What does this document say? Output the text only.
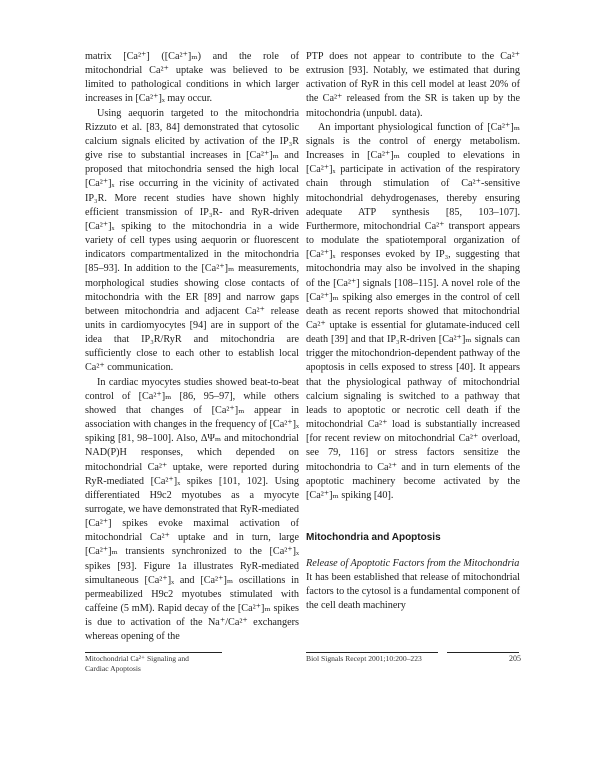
matrix [Ca²⁺] ([Ca²⁺]ₘ) and the role of mitochondrial Ca²⁺ uptake was believed to be limited to pathological conditions in which larger increases in [Ca²⁺]ₓ may occur.

Using aequorin targeted to the mitochondria Rizzuto et al. [83, 84] demonstrated that cytosolic calcium signals elicited by activation of the IP₃R give rise to substantial increases in [Ca²⁺]ₘ and proposed that mitochondria sensed the high local [Ca²⁺]ₓ rise occurring in the vicinity of activated IP₃R. More recent studies have shown highly efficient transmission of IP₃R- and RyR-driven [Ca²⁺]ₓ spiking to the mitochondria in a wide variety of cell types using aequorin or fluorescent indicators compartmentalized in the mitochondria [85–93]. In addition to the [Ca²⁺]ₘ measurements, morphological studies showing close contacts of mitochondria with the ER [89] and narrow gaps between mitochondria and adjacent Ca²⁺ release units in cardiomyocytes [94] are in support of the idea that IP₃R/RyR and mitochondria are sufficiently close to each other to establish local Ca²⁺ communication.

In cardiac myocytes studies showed beat-to-beat control of [Ca²⁺]ₘ [86, 95–97], while others showed that changes of [Ca²⁺]ₘ appear in association with changes in the frequency of [Ca²⁺]ₓ spiking [81, 98–100]. Also, ΔΨₘ and mitochondrial NAD(P)H responses, which depended on mitochondrial Ca²⁺ uptake, were reported during RyR-mediated [Ca²⁺]ₓ spikes [101, 102]. Using differentiated H9c2 myotubes as a myocyte surrogate, we have demonstrated that RyR-mediated [Ca²⁺] spikes evoke maximal activation of mitochondrial Ca²⁺ uptake and in turn, large [Ca²⁺]ₘ transients synchronized to the [Ca²⁺]ₓ spikes [93]. Figure 1a illustrates RyR-mediated simultaneous [Ca²⁺]ₓ and [Ca²⁺]ₘ oscillations in permeabilized H9c2 myotubes stimulated with caffeine (5 mM). Rapid decay of the [Ca²⁺]ₘ spikes is due to activation of the Na⁺/Ca²⁺ exchangers whereas opening of the

PTP does not appear to contribute to the Ca²⁺ extrusion [93]. Notably, we estimated that during activation of RyR in this cell model at least 20% of the Ca²⁺ released from the SR is taken up by the mitochondria (unpubl. data).

An important physiological function of [Ca²⁺]ₘ signals is the control of energy metabolism. Increases in [Ca²⁺]ₘ coupled to elevations in [Ca²⁺]ₓ participate in activation of the respiratory chain through stimulation of Ca²⁺-sensitive mitochondrial dehydrogenases, thereby ensuring adequate ATP synthesis [85, 103–107]. Furthermore, mitochondrial Ca²⁺ transport appears to modulate the spatiotemporal organization of [Ca²⁺]ₓ responses evoked by IP₃, suggesting that mitochondria may also be involved in the shaping of the [Ca²⁺] signals [108–115]. A novel role of the [Ca²⁺]ₘ spiking also emerges in the control of cell death as recent reports showed that mitochondrial Ca²⁺ uptake is essential for glutamate-induced cell death [39] and that IP₃R-driven [Ca²⁺]ₘ signals can trigger the mitochondrion-dependent pathway of the apoptosis in cells exposed to stress [40]. It appears that the physiological pathway of mitochondrial calcium signaling is switched to a pathway that leads to apoptotic or necrotic cell death if the mitochondrial Ca²⁺ load is substantially increased [for recent review on mitochondrial Ca²⁺ overload, see 79, 116] or stress factors sensitize the mitochondria to Ca²⁺ and in turn elements of the apoptotic machinery become activated by the [Ca²⁺]ₘ spiking [40].

Mitochondria and Apoptosis

Release of Apoptotic Factors from the Mitochondria

It has been established that release of mitochondrial factors to the cytosol is a fundamental component of the cell death machinery

Mitochondrial Ca²⁺ Signaling and
Cardiac Apoptosis
Biol Signals Recept 2001;10:200–223	205
